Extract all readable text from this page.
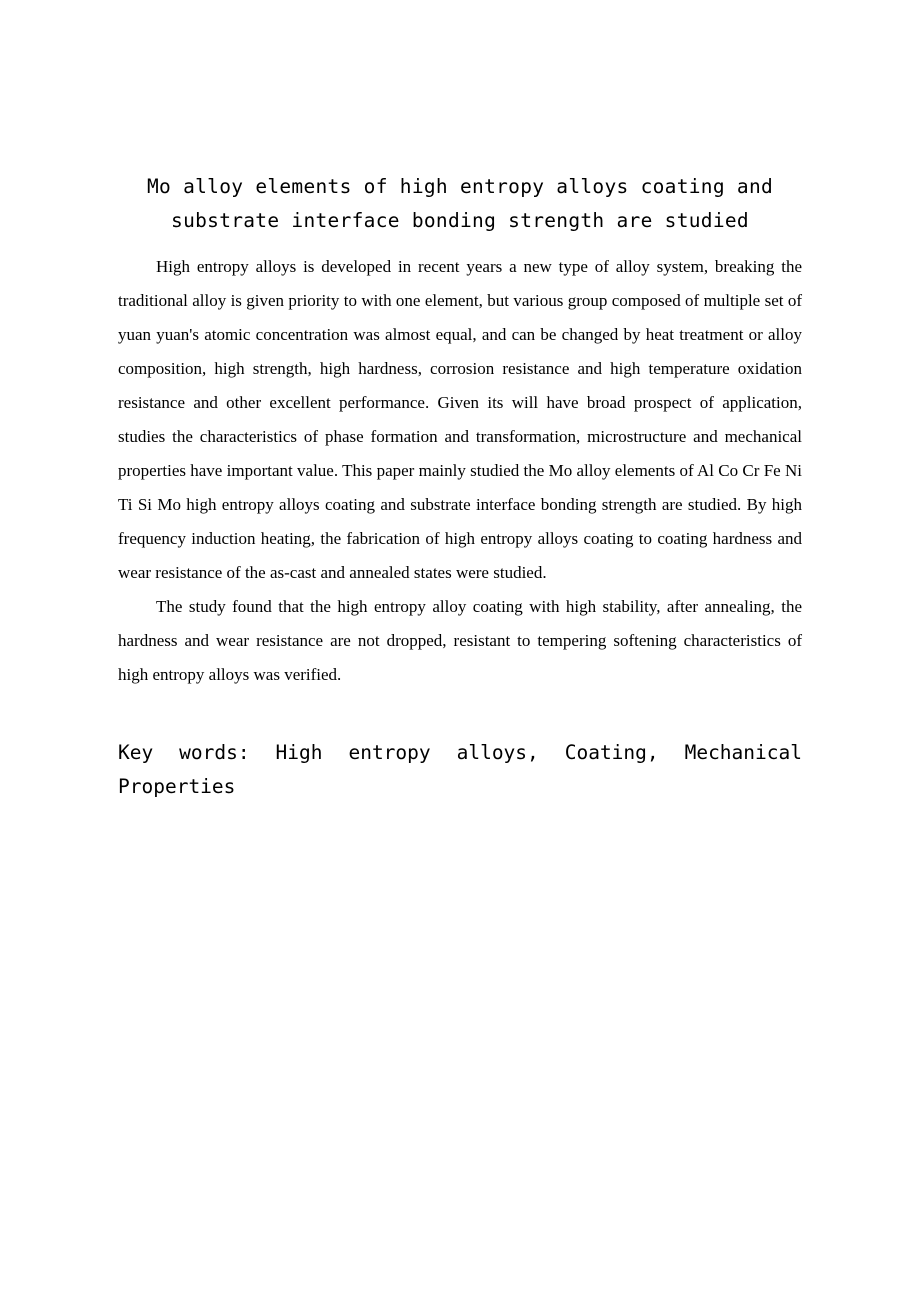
Mo alloy elements of high entropy alloys coating and substrate interface bonding strength are studied

High entropy alloys is developed in recent years a new type of alloy system, breaking the traditional alloy is given priority to with one element, but various group composed of multiple set of yuan yuan's atomic concentration was almost equal, and can be changed by heat treatment or alloy composition, high strength, high hardness, corrosion resistance and high temperature oxidation resistance and other excellent performance. Given its will have broad prospect of application, studies the characteristics of phase formation and transformation, microstructure and mechanical properties have important value. This paper mainly studied the Mo alloy elements of Al Co Cr Fe Ni Ti Si Mo high entropy alloys coating and substrate interface bonding strength are studied. By high frequency induction heating, the fabrication of high entropy alloys coating to coating hardness and wear resistance of the as-cast and annealed states were studied.

The study found that the high entropy alloy coating with high stability, after annealing, the hardness and wear resistance are not dropped, resistant to tempering softening characteristics of high entropy alloys was verified.

Key words: High entropy alloys, Coating, Mechanical Properties
